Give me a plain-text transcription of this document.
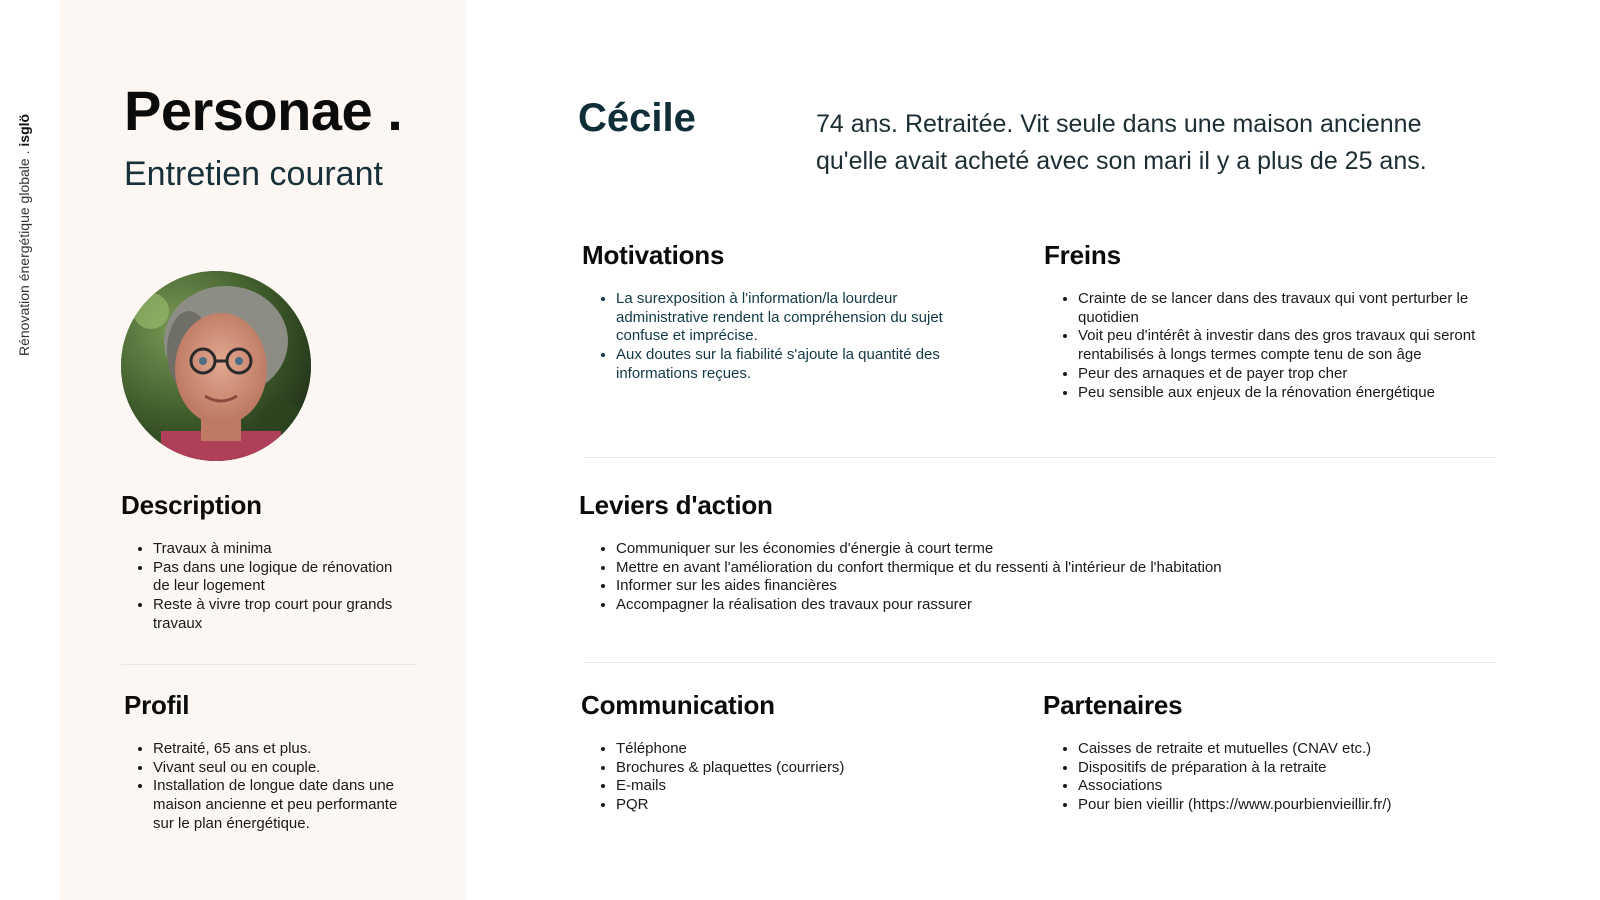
Rénovation énergétique globale . isglö Personae .

Entretien courant

Description
• Travaux à minima
• Pas dans une logique de rénovation de leur logement
• Reste à vivre trop court pour grands travaux
Profil
• Retraité, 65 ans et plus.
• Vivant seul ou en couple.
• Installation de longue date dans une maison ancienne et peu performante sur le plan énergétique.
Cécile	74 ans. Retraitée. Vit seule dans une maison ancienne qu'elle avait acheté avec son mari il y a plus de 25 ans.

Motivations
• La surexposition à l'information/la lourdeur administrative rendent la compréhension du sujet confuse et imprécise.
• Aux doutes sur la fiabilité s'ajoute la quantité des informations reçues.
Freins
• Crainte de se lancer dans des travaux qui vont perturber le quotidien
• Voit peu d'intérêt à investir dans des gros travaux qui seront rentabilisés à longs termes compte tenu de son âge
• Peur des arnaques et de payer trop cher
• Peu sensible aux enjeux de la rénovation énergétique
Leviers d'action
• Communiquer sur les économies d'énergie à court terme
• Mettre en avant l'amélioration du confort thermique et du ressenti à l'intérieur de l'habitation
• Informer sur les aides financières
• Accompagner la réalisation des travaux pour rassurer
Communication
• Téléphone
• Brochures & plaquettes (courriers)
• E-mails
• PQR
Partenaires
• Caisses de retraite et mutuelles (CNAV etc.)
• Dispositifs de préparation à la retraite
• Associations
• Pour bien vieillir (https://www.pourbienvieillir.fr/)
